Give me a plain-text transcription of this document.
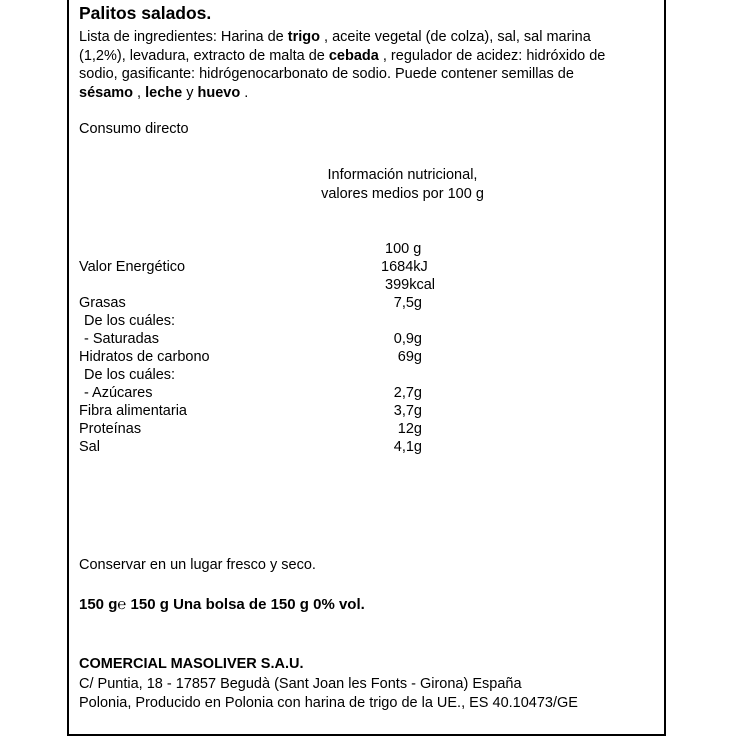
Palitos salados.
Lista de ingredientes: Harina de trigo , aceite vegetal (de colza), sal, sal marina
(1,2%), levadura, extracto de malta de cebada , regulador de acidez: hidróxido de
sodio, gasificante: hidrógenocarbonato de sodio. Puede contener semillas de
sésamo , leche y huevo .
Consumo directo
Información nutricional,
valores medios por 100 g
100 g
Valor Energético	1684kJ
399kcal
Grasas	7,5g
De los cuáles:
- Saturadas	0,9g
Hidratos de carbono	69g
De los cuáles:
- Azúcares	2,7g
Fibra alimentaria	3,7g
Proteínas	12g
Sal	4,1g
Conservar en un lugar fresco y seco.
150 g℮ 150 g Una bolsa de 150 g 0% vol.
COMERCIAL MASOLIVER S.A.U.
C/ Puntia, 18 - 17857 Begudà (Sant Joan les Fonts - Girona) España
Polonia, Producido en Polonia con harina de trigo de la UE., ES 40.10473/GE
